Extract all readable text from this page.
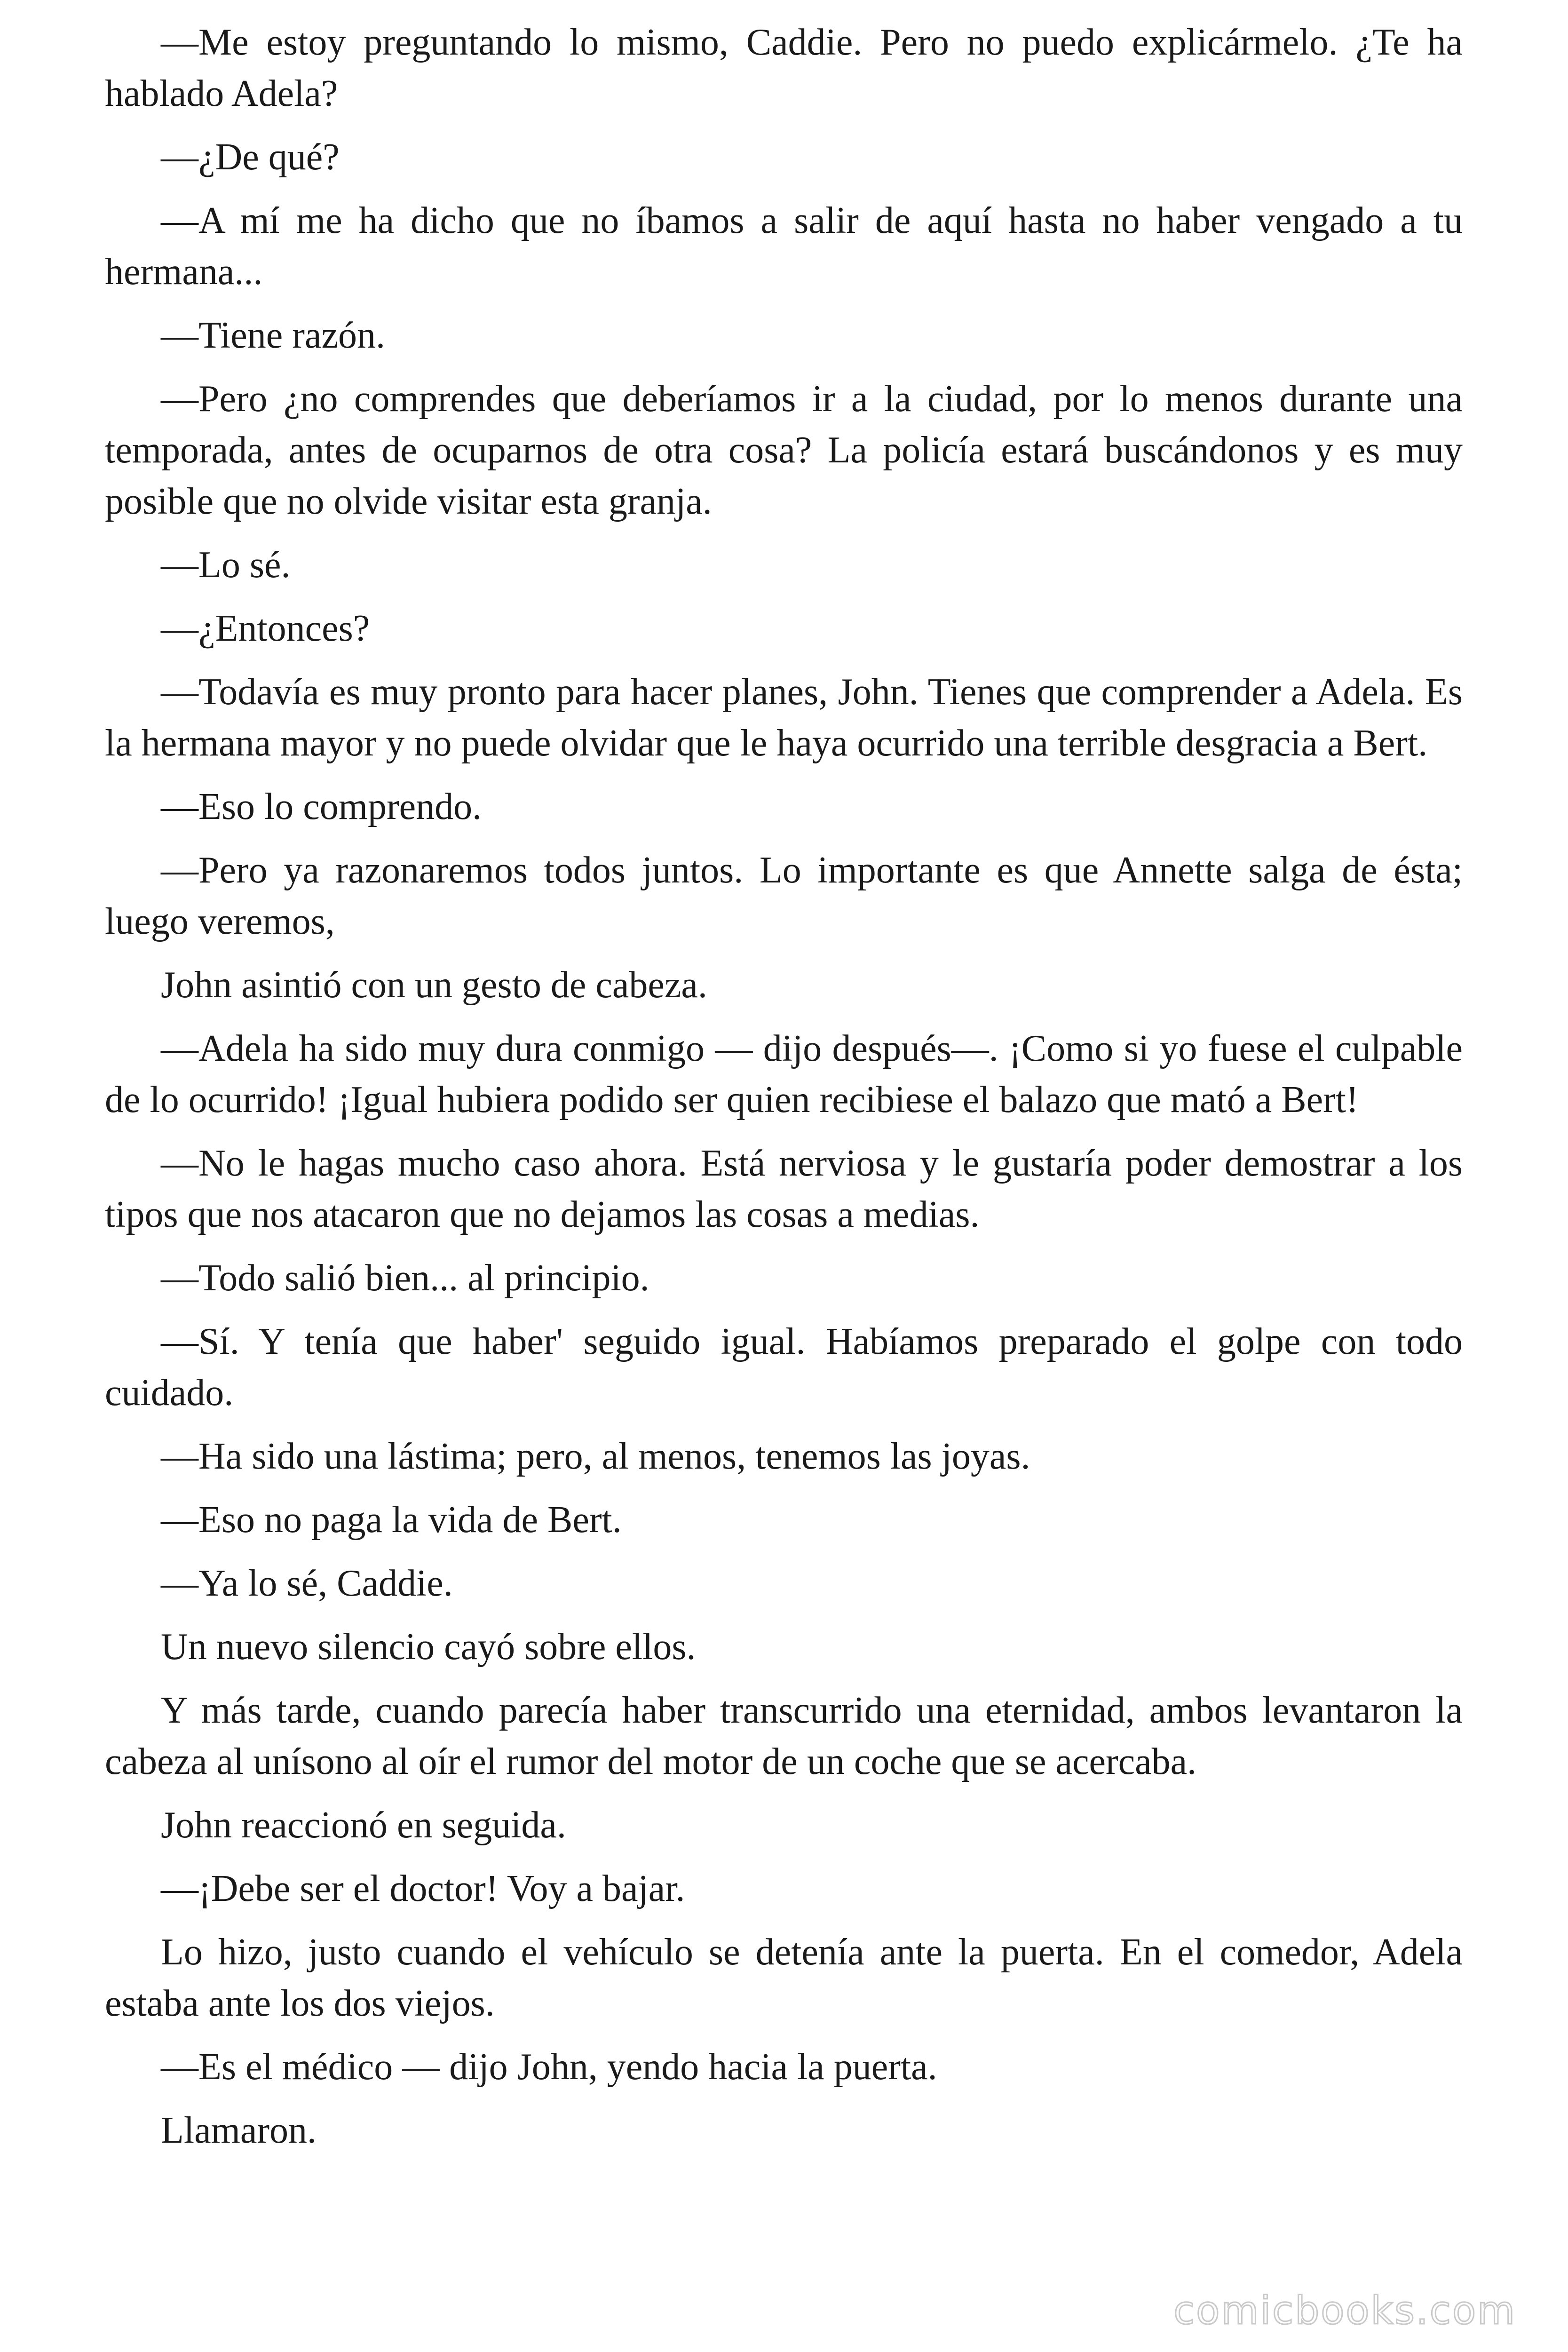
—Me estoy preguntando lo mismo, Caddie. Pero no puedo explicármelo. ¿Te ha hablado Adela?

—¿De qué?

—A mí me ha dicho que no íbamos a salir de aquí hasta no haber vengado a tu hermana...

—Tiene razón.

—Pero ¿no comprendes que deberíamos ir a la ciudad, por lo menos durante una temporada, antes de ocuparnos de otra cosa? La policía estará buscándonos y es muy posible que no olvide visitar esta granja.

—Lo sé.

—¿Entonces?

—Todavía es muy pronto para hacer planes, John. Tienes que comprender a Adela. Es la hermana mayor y no puede olvidar que le haya ocurrido una terrible desgracia a Bert.

—Eso lo comprendo.

—Pero ya razonaremos todos juntos. Lo importante es que Annette salga de ésta; luego veremos,

John asintió con un gesto de cabeza.

—Adela ha sido muy dura conmigo — dijo después—. ¡Como si yo fuese el culpable de lo ocurrido! ¡Igual hubiera podido ser quien recibiese el balazo que mató a Bert!

—No le hagas mucho caso ahora. Está nerviosa y le gustaría poder demostrar a los tipos que nos atacaron que no dejamos las cosas a medias.

—Todo salió bien... al principio.

—Sí. Y tenía que haber' seguido igual. Habíamos preparado el golpe con todo cuidado.

—Ha sido una lástima; pero, al menos, tenemos las joyas.

—Eso no paga la vida de Bert.

—Ya lo sé, Caddie.

Un nuevo silencio cayó sobre ellos.

Y más tarde, cuando parecía haber transcurrido una eternidad, ambos levantaron la cabeza al unísono al oír el rumor del motor de un coche que se acercaba.

John reaccionó en seguida.

—¡Debe ser el doctor! Voy a bajar.

Lo hizo, justo cuando el vehículo se detenía ante la puerta. En el comedor, Adela estaba ante los dos viejos.

—Es el médico — dijo John, yendo hacia la puerta.

Llamaron.

comicbooks.com
